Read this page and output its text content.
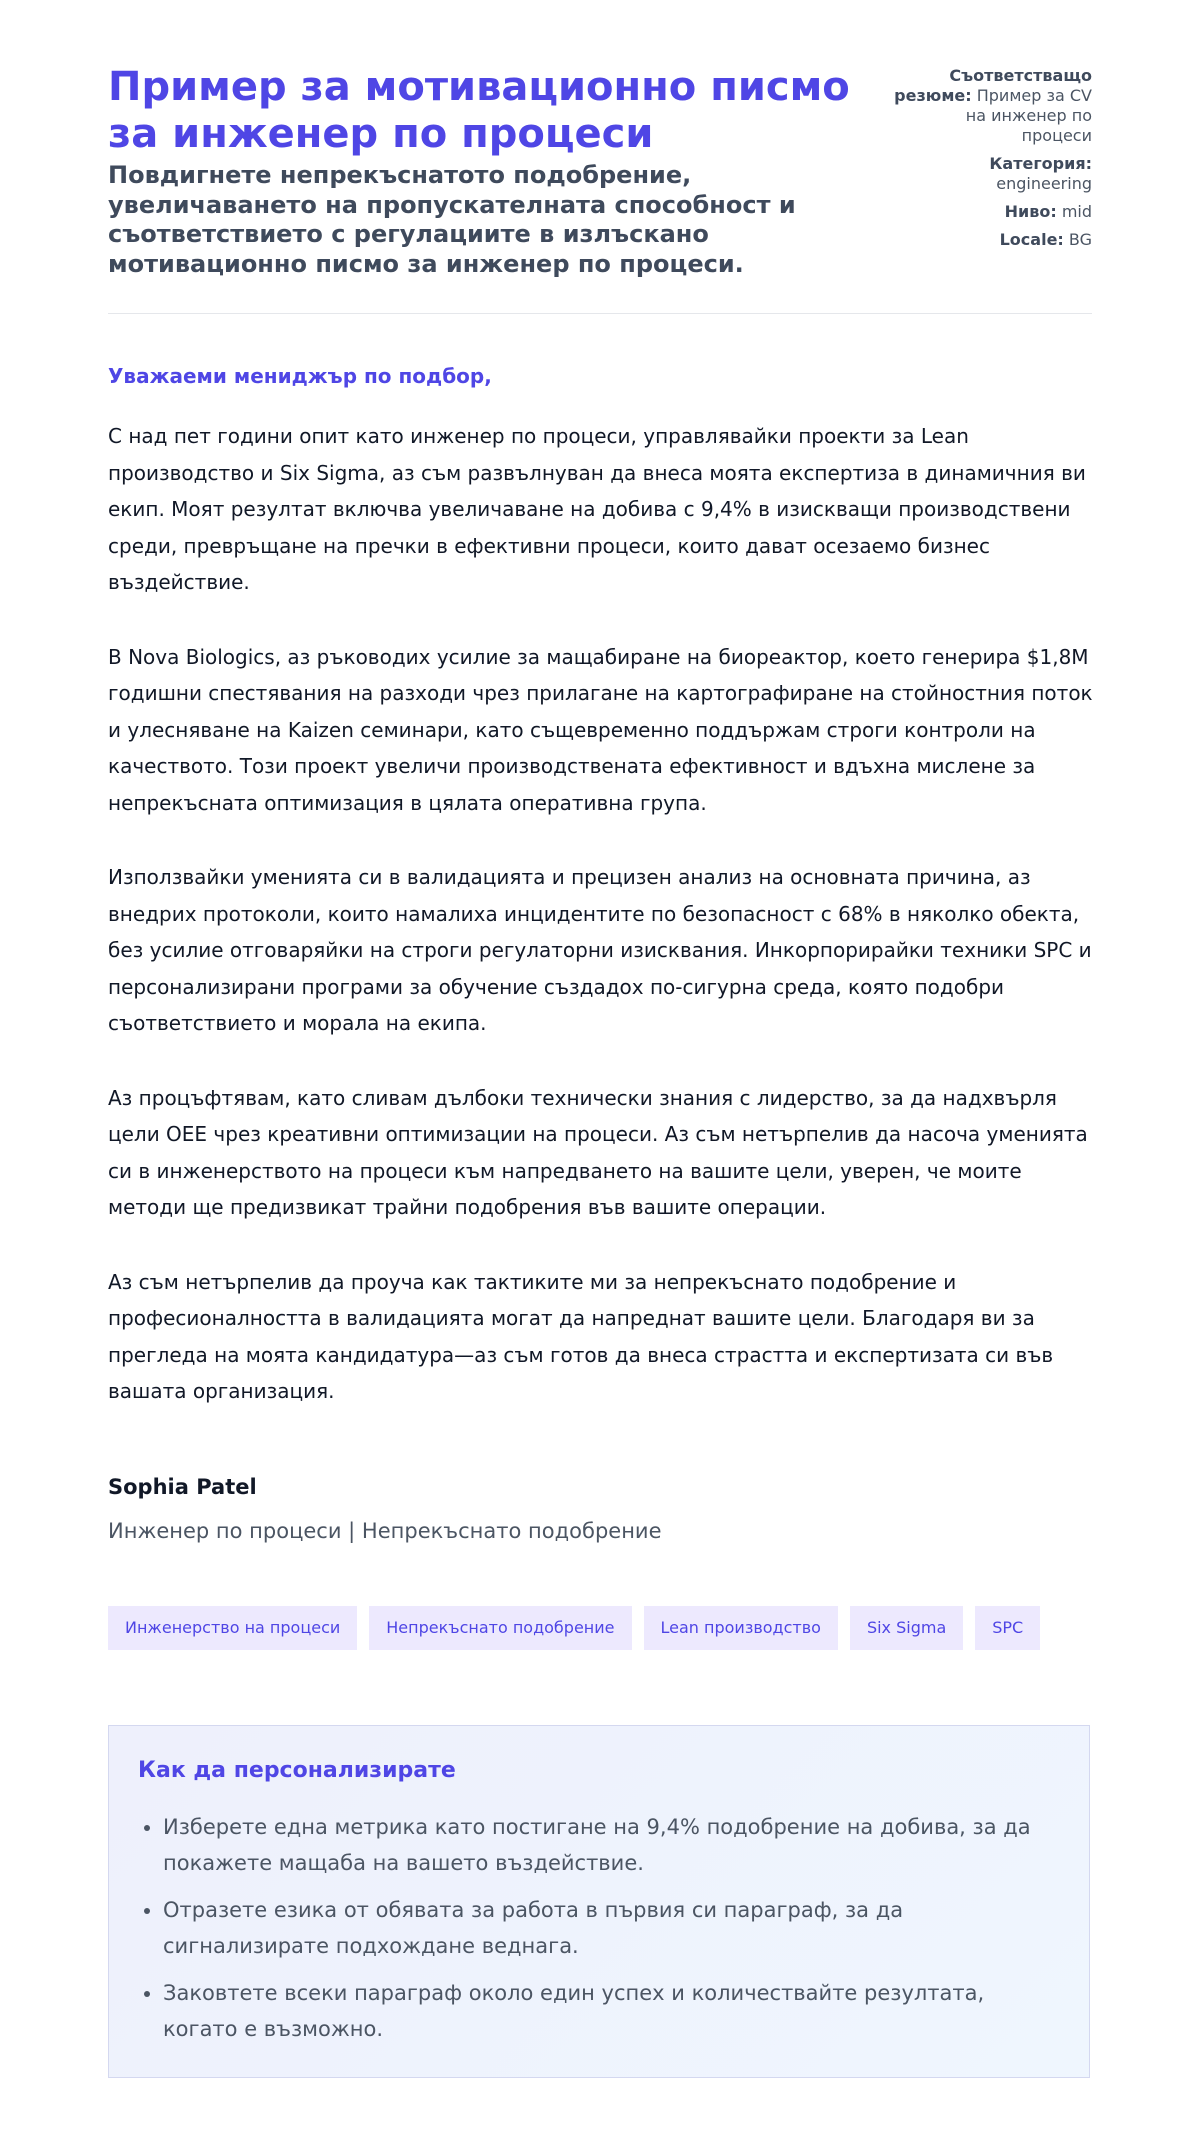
Пример за мотивационно писмо за инженер по процеси

Повдигнете непрекъснатото подобрение, увеличаването на пропускателната способност и съответствието с регулациите в излъскано мотивационно писмо за инженер по процеси.

Съответстващо резюме: Пример за CV на инженер по процеси
Категория: engineering
Ниво: mid
Locale: BG

Уважаеми мениджър по подбор,

С над пет години опит като инженер по процеси, управлявайки проекти за Lean производство и Six Sigma, аз съм развълнуван да внеса моята експертиза в динамичния ви екип. Моят резултат включва увеличаване на добива с 9,4% в изискващи производствени среди, превръщане на пречки в ефективни процеси, които дават осезаемо бизнес въздействие.

В Nova Biologics, аз ръководих усилие за мащабиране на биореактор, което генерира $1,8M годишни спестявания на разходи чрез прилагане на картографиране на стойностния поток и улесняване на Kaizen семинари, като същевременно поддържам строги контроли на качеството. Този проект увеличи производствената ефективност и вдъхна мислене за непрекъсната оптимизация в цялата оперативна група.

Използвайки уменията си в валидацията и прецизен анализ на основната причина, аз внедрих протоколи, които намалиха инцидентите по безопасност с 68% в няколко обекта, без усилие отговаряйки на строги регулаторни изисквания. Инкорпорирайки техники SPC и персонализирани програми за обучение създадох по-сигурна среда, която подобри съответствието и морала на екипа.

Аз процъфтявам, като сливам дълбоки технически знания с лидерство, за да надхвърля цели OEE чрез креативни оптимизации на процеси. Аз съм нетърпелив да насоча уменията си в инженерството на процеси към напредването на вашите цели, уверен, че моите методи ще предизвикат трайни подобрения във вашите операции.

Аз съм нетърпелив да проуча как тактиките ми за непрекъснато подобрение и професионалността в валидацията могат да напреднат вашите цели. Благодаря ви за прегледа на моята кандидатура—аз съм готов да внеса страстта и експертизата си във вашата организация.

Sophia Patel

Инженер по процеси | Непрекъснато подобрение

Инженерство на процеси	Непрекъснато подобрение	Lean производство	Six Sigma	SPC
Как да персонализирате
• Изберете една метрика като постигане на 9,4% подобрение на добива, за да покажете мащаба на вашето въздействие.
• Отразете езика от обявата за работа в първия си параграф, за да сигнализирате подхождане веднага.
• Заковтете всеки параграф около един успех и количествайте резултата, когато е възможно.
